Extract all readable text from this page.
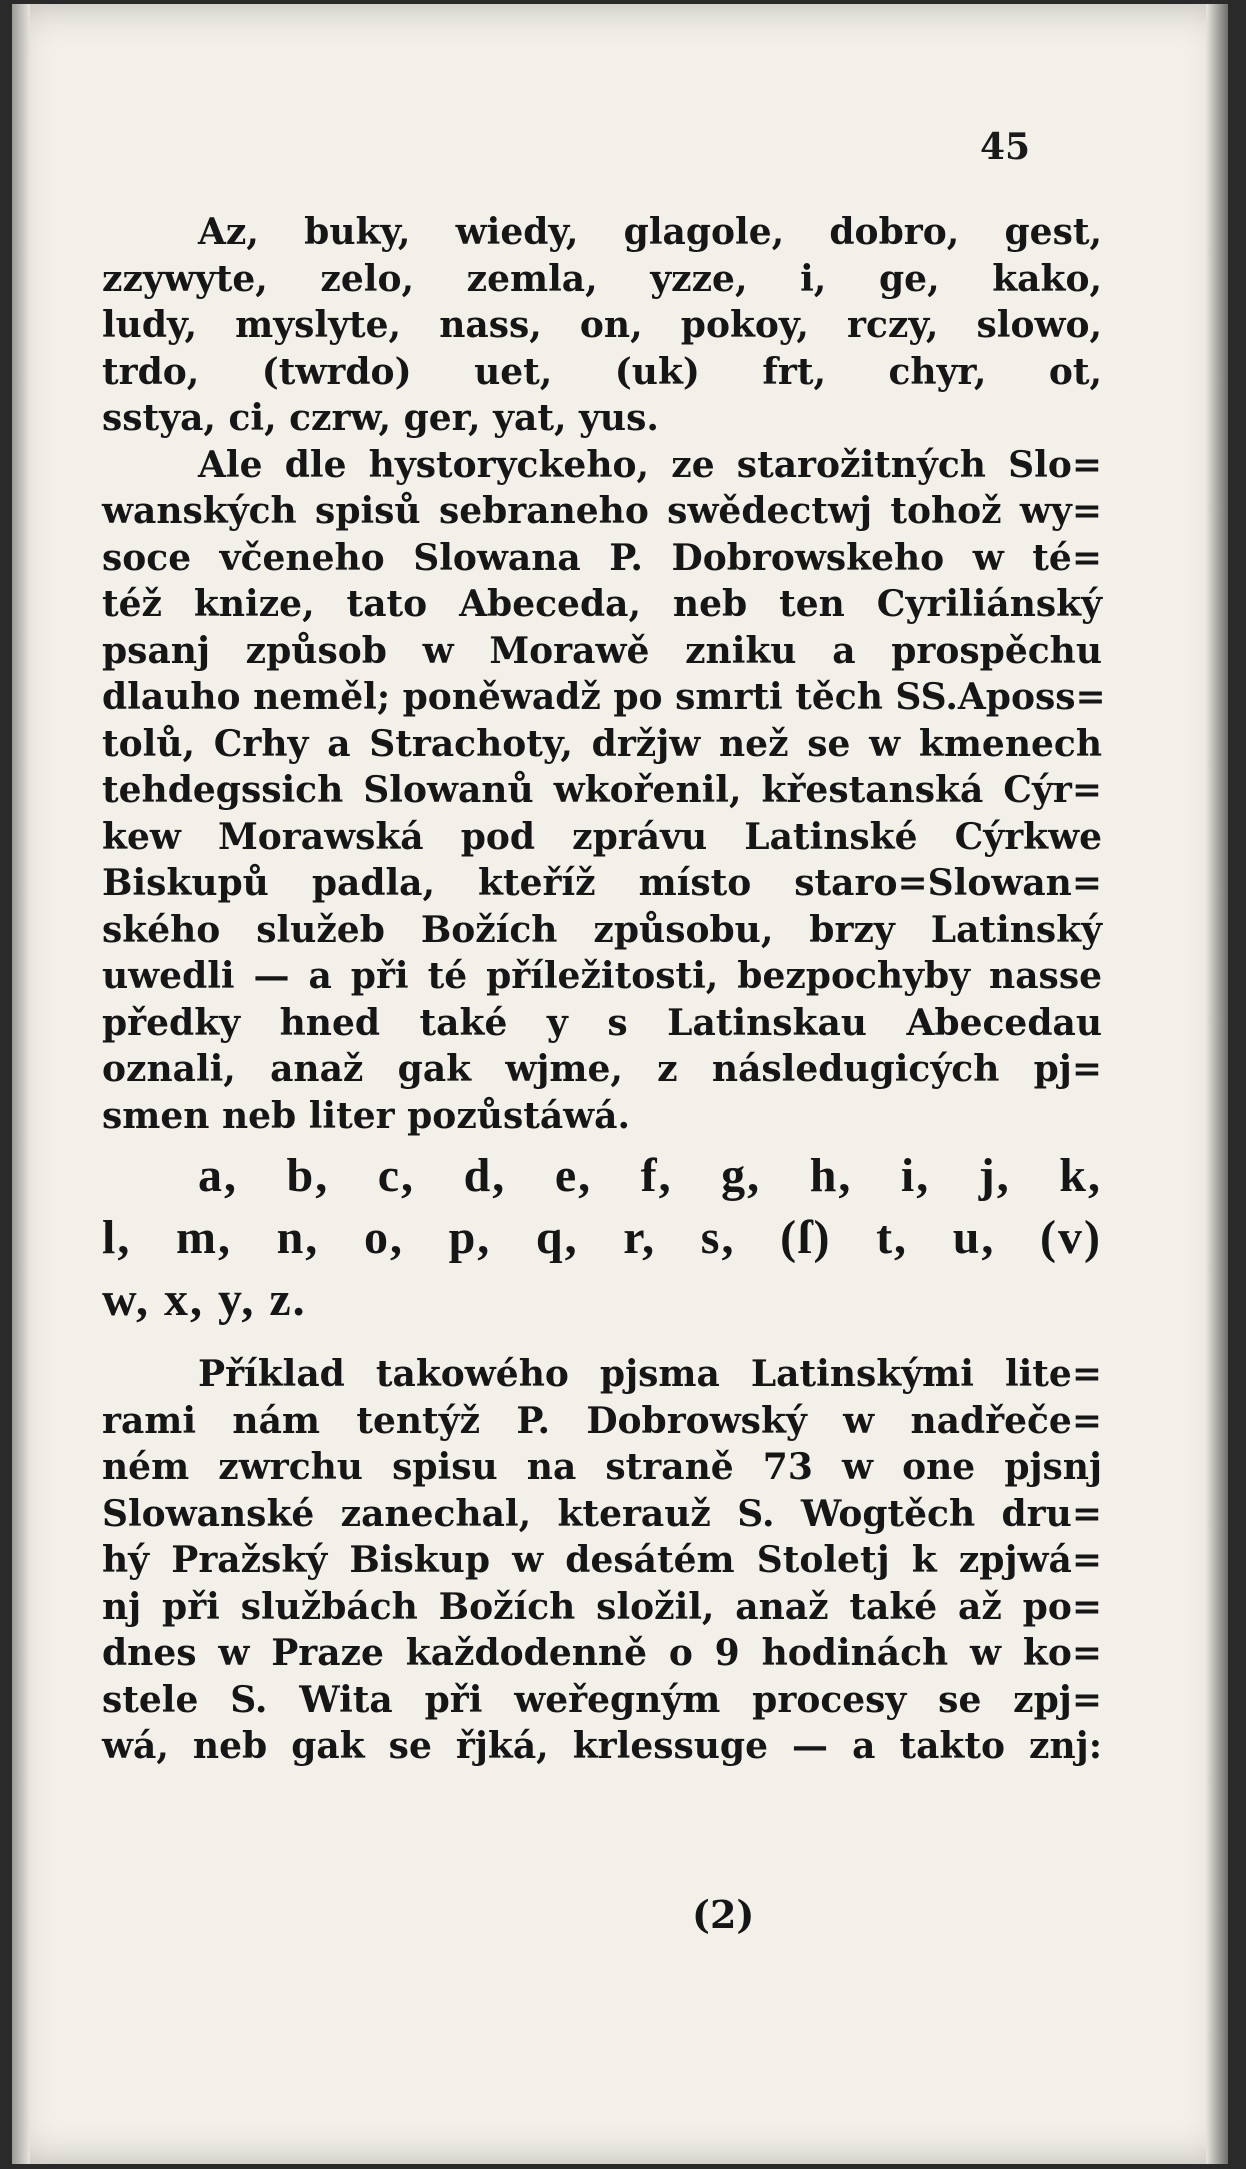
45
Az, buky, wiedy, glagole, dobro, gest,
zzywyte, zelo, zemla, yzze, i, ge, kako,
ludy, myslyte, nass, on, pokoy, rczy, slowo,
trdo, (twrdo) uet, (uk) frt, chyr, ot,
sstya, ci, czrw, ger, yat, yus.
Ale dle hystoryckeho, ze starožitných Slo=
wanských spisů sebraneho swědectwj tohož wy=
soce včeneho Slowana P. Dobrowskeho w té=
též knize, tato Abeceda, neb ten Cyriliánský
psanj způsob w Morawě zniku a prospěchu
dlauho neměl; poněwadž po smrti těch SS.Aposs=
tolů, Crhy a Strachoty, držjw než se w kmenech
tehdegssich Slowanů wkořenil, křestanská Cýr=
kew Morawská pod zprávu Latinské Cýrkwe
Biskupů padla, kteříž místo staro=Slowan=
ského služeb Božích způsobu, brzy Latinský
uwedli — a při té příležitosti, bezpochyby nasse
předky hned také y s Latinskau Abecedau
oznali, anaž gak wjme, z následugicých pj=
smen neb liter pozůstáwá.
a, b, c, d, e, f, g, h, i, j, k,
l, m, n, o, p, q, r, s, (ſ) t, u, (v)
w, x, y, z.
Příklad takowého pjsma Latinskými lite=
rami nám tentýž P. Dobrowský w nadřeče=
ném zwrchu spisu na straně 73 w one pjsnj
Slowanské zanechal, kterauž S. Wogtěch dru=
hý Pražský Biskup w desátém Stoletj k zpjwá=
nj při službách Božích složil, anaž také až po=
dnes w Praze každodenně o 9 hodinách w ko=
stele S. Wita při weřegným procesy se zpj=
wá, neb gak se řjká, krlessuge — a takto znj:
(2)
